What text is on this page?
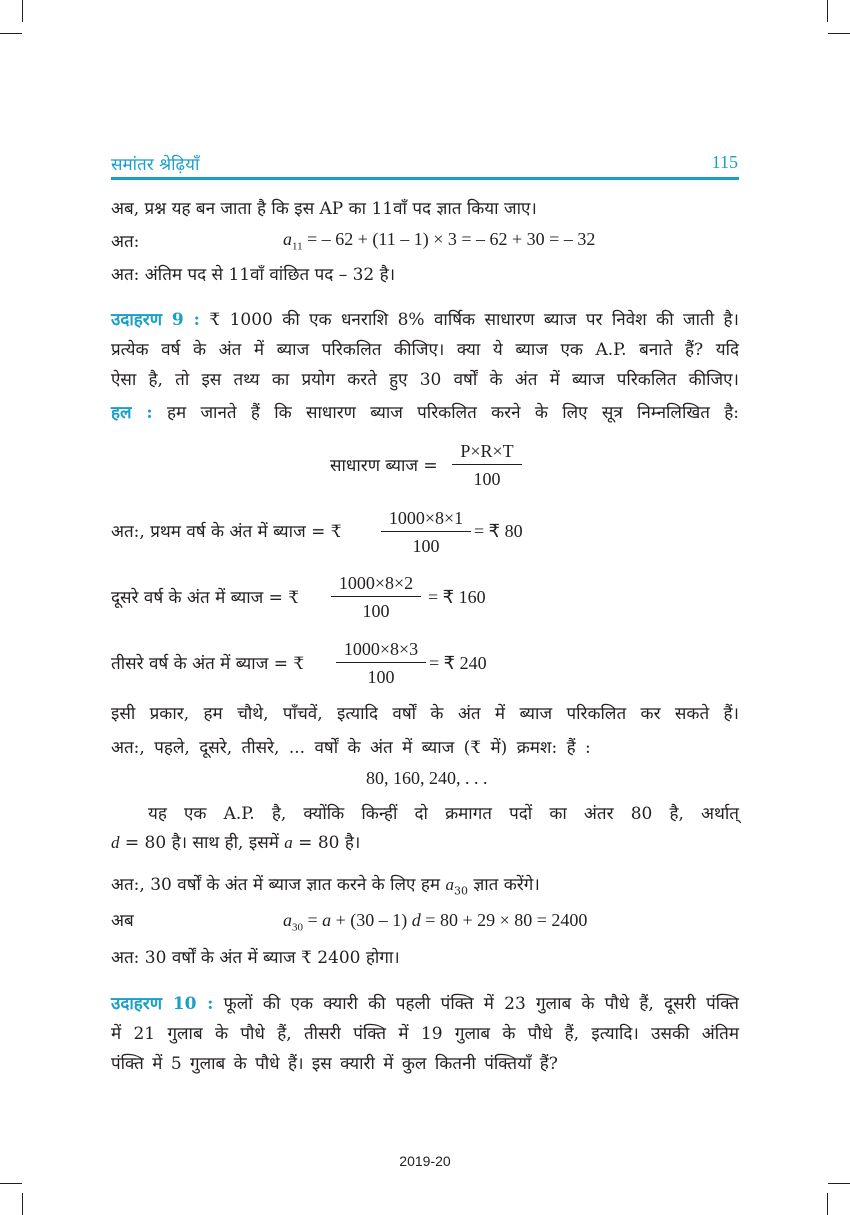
समांतर श्रेढ़ियाँ	115
अब, प्रश्न यह बन जाता है कि इस AP का 11वाँ पद ज्ञात किया जाए।
अत:	$a_{11}$ = – 62 + (11 – 1) × 3 = – 62 + 30 = – 32
अत: अंतिम पद से 11वाँ वांछित पद – 32 है।
उदाहरण 9 : ₹ 1000 की एक धनराशि 8% वार्षिक साधारण ब्याज पर निवेश की जाती है।
प्रत्येक वर्ष के अंत में ब्याज परिकलित कीजिए। क्या ये ब्याज एक A.P. बनाते हैं? यदि
ऐसा है, तो इस तथ्य का प्रयोग करते हुए 30 वर्षों के अंत में ब्याज परिकलित कीजिए।
हल : हम जानते हैं कि साधारण ब्याज परिकलित करने के लिए सूत्र निम्नलिखित है:
साधारण ब्याज =
P×R×T
100
अत:, प्रथम वर्ष के अंत में ब्याज = ₹
1000×8×1
100
= ₹ 80
दूसरे वर्ष के अंत में ब्याज = ₹
1000×8×2
100
= ₹ 160
तीसरे वर्ष के अंत में ब्याज = ₹
1000×8×3
100
= ₹ 240
इसी प्रकार, हम चौथे, पाँचवें, इत्यादि वर्षों के अंत में ब्याज परिकलित कर सकते हैं।
अत:, पहले, दूसरे, तीसरे, ... वर्षों के अंत में ब्याज (₹ में) क्रमश: हैं :
80, 160, 240, . . .
यह एक A.P. है, क्योंकि किन्हीं दो क्रमागत पदों का अंतर 80 है, अर्थात्
d = 80 है। साथ ही, इसमें a = 80 है।
अत:, 30 वर्षों के अंत में ब्याज ज्ञात करने के लिए हम $a_{30}$ ज्ञात करेंगे।
अब	$a_{30} = a + (30 - 1) d = 80 + 29 \times 80 = 2400$
अत: 30 वर्षों के अंत में ब्याज ₹ 2400 होगा।
उदाहरण 10 : फूलों की एक क्यारी की पहली पंक्ति में 23 गुलाब के पौधे हैं, दूसरी पंक्ति
में 21 गुलाब के पौधे हैं, तीसरी पंक्ति में 19 गुलाब के पौधे हैं, इत्यादि। उसकी अंतिम
पंक्ति में 5 गुलाब के पौधे हैं। इस क्यारी में कुल कितनी पंक्तियाँ हैं?
2019-20
